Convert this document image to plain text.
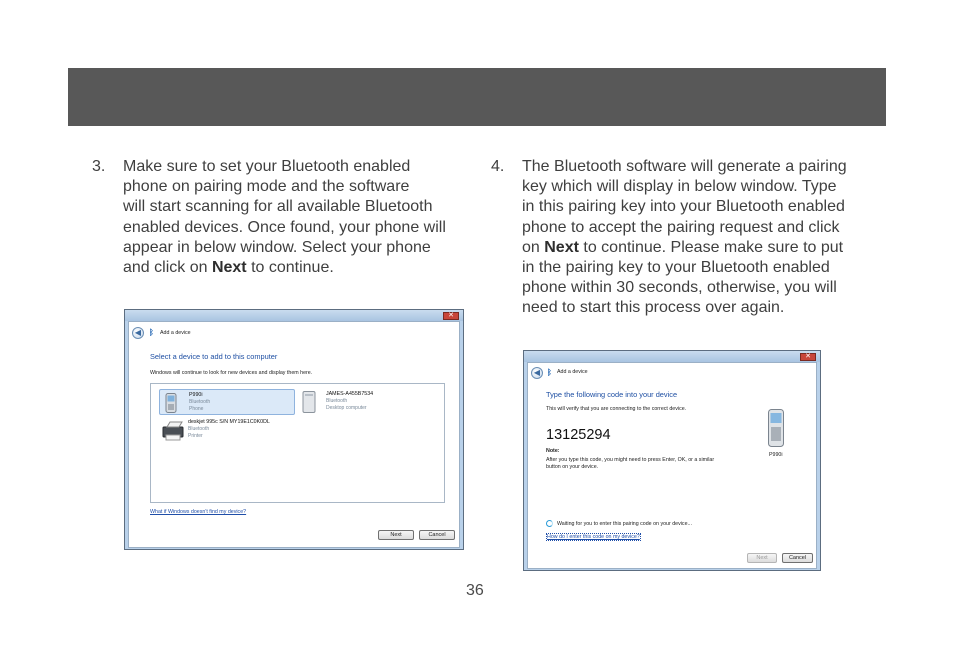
3. Make sure to set your Bluetooth enabled
phone on pairing mode and the software
will start scanning for all available Bluetooth
enabled devices. Once found, your phone will
appear in below window. Select your phone
and click on Next to continue.
4. The Bluetooth software will generate a pairing
key which will display in below window. Type
in this pairing key into your Bluetooth enabled
phone to accept the pairing request and click
on Next to continue. Please make sure to put
in the pairing key to your Bluetooth enabled
phone within 30 seconds, otherwise, you will
need to start this process over again.
✕
◀ ᛒ	Add a device
Select a device to add to this computer
Windows will continue to look for new devices and display them here.
P990i
Bluetooth
Phone
JAMES-A455B7534
Bluetooth
Desktop computer
deskjet 995c S/N MY19E1C0K0DL
Bluetooth
Printer
What if Windows doesn't find my device?
Next	Cancel
✕
◀ ᛒ Add a device
Type the following code into your device
This will verify that you are connecting to the correct device.
13125294
Note:
After you type this code, you might need to press Enter, OK, or a similar
button on your device.
P990i
Waiting for you to enter this pairing code on your device...
How do I enter this code on my device?
Next	Cancel
36
